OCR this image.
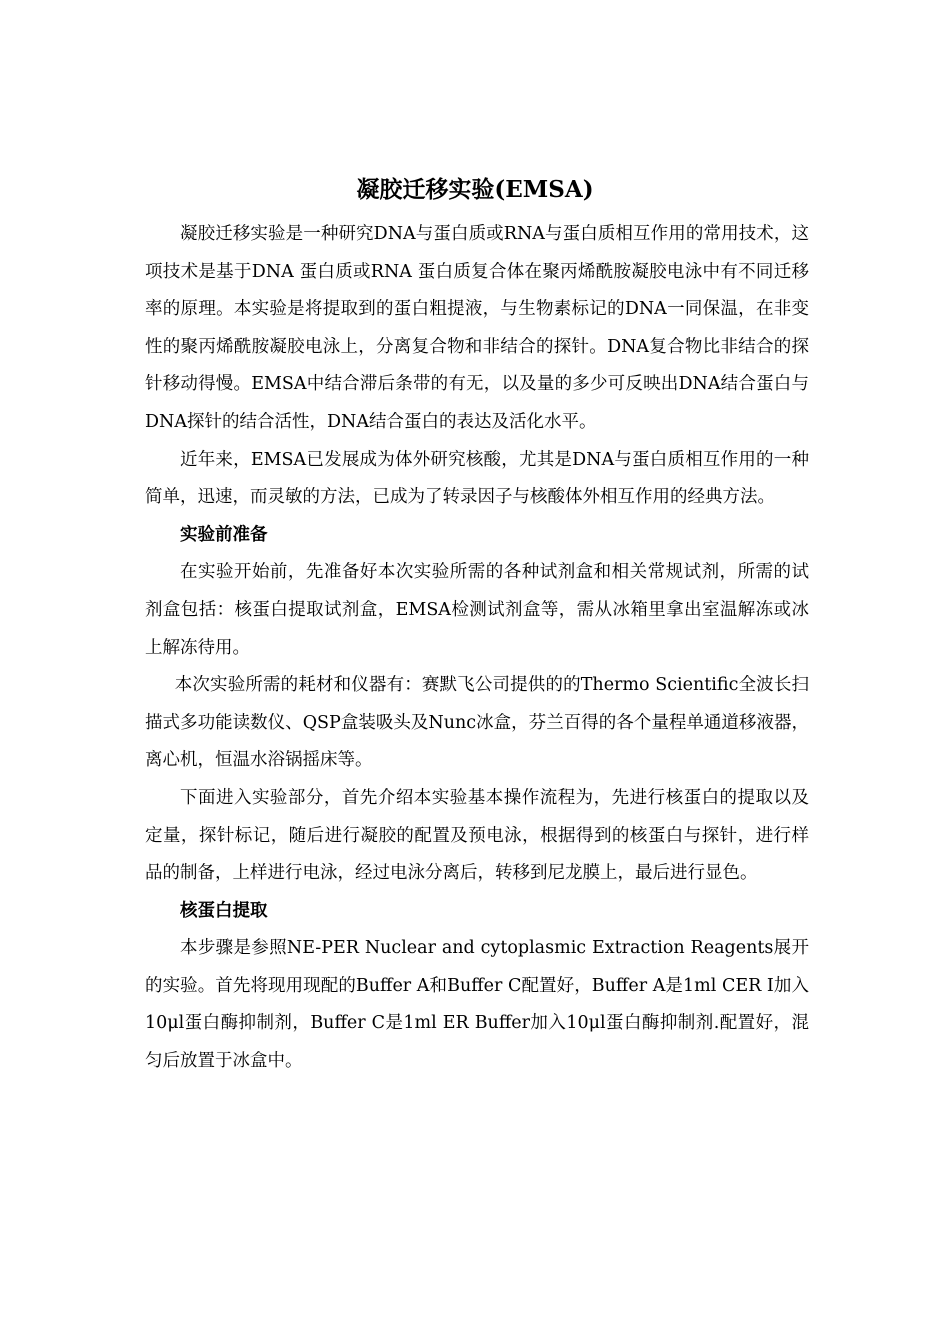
凝胶迁移实验(EMSA)

凝胶迁移实验是一种研究DNA与蛋白质或RNA与蛋白质相互作用的常用技术，这项技术是基于DNA 蛋白质或RNA 蛋白质复合体在聚丙烯酰胺凝胶电泳中有不同迁移率的原理。本实验是将提取到的蛋白粗提液，与生物素标记的DNA一同保温，在非变性的聚丙烯酰胺凝胶电泳上，分离复合物和非结合的探针。DNA复合物比非结合的探针移动得慢。EMSA中结合滞后条带的有无，以及量的多少可反映出DNA结合蛋白与DNA探针的结合活性，DNA结合蛋白的表达及活化水平。

近年来，EMSA已发展成为体外研究核酸，尤其是DNA与蛋白质相互作用的一种简单，迅速，而灵敏的方法，已成为了转录因子与核酸体外相互作用的经典方法。

实验前准备

在实验开始前，先准备好本次实验所需的各种试剂盒和相关常规试剂，所需的试剂盒包括：核蛋白提取试剂盒，EMSA检测试剂盒等，需从冰箱里拿出室温解冻或冰上解冻待用。

本次实验所需的耗材和仪器有：赛默飞公司提供的的Thermo Scientific全波长扫描式多功能读数仪、QSP盒装吸头及Nunc冰盒，芬兰百得的各个量程单通道移液器，离心机，恒温水浴锅摇床等。

下面进入实验部分，首先介绍本实验基本操作流程为，先进行核蛋白的提取以及定量，探针标记，随后进行凝胶的配置及预电泳，根据得到的核蛋白与探针，进行样品的制备，上样进行电泳，经过电泳分离后，转移到尼龙膜上，最后进行显色。

核蛋白提取

本步骤是参照NE-PER Nuclear and cytoplasmic Extraction Reagents展开的实验。首先将现用现配的Buffer A和Buffer C配置好，Buffer A是1ml CER I加入10μl蛋白酶抑制剂，Buffer C是1ml ER Buffer加入10μl蛋白酶抑制剂.配置好，混匀后放置于冰盒中。
